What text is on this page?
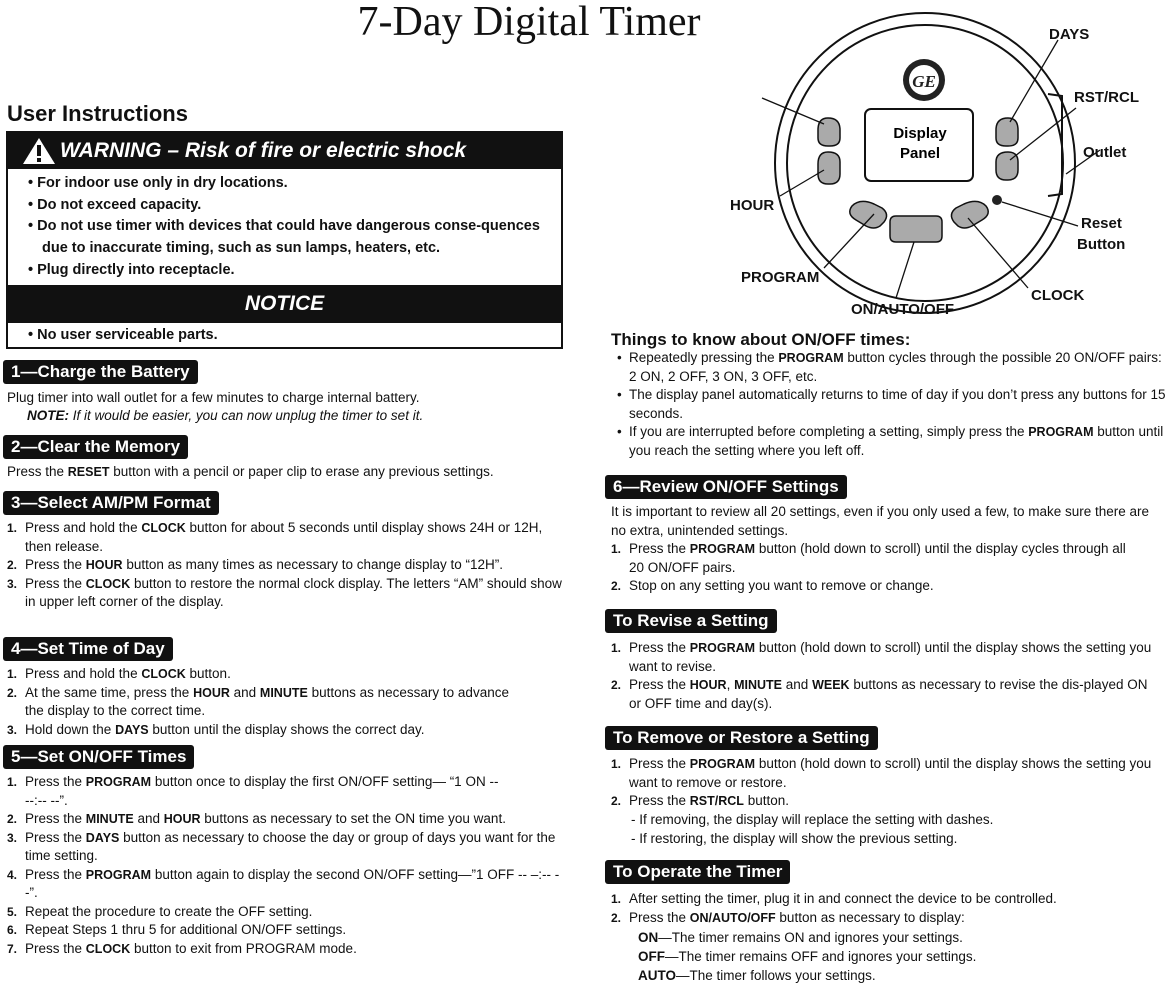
7-Day Digital Timer
User Instructions
WARNING – Risk of fire or electric shock
• For indoor use only in dry locations.
• Do not exceed capacity.
• Do not use timer with devices that could have dangerous conse-quences due to inaccurate timing, such as sun lamps, heaters, etc.
• Plug directly into receptacle.
NOTICE
• No user serviceable parts.
1—Charge the Battery
Plug timer into wall outlet for a few minutes to charge internal battery.
NOTE: If it would be easier, you can now unplug the timer to set it.
2—Clear the Memory
Press the RESET button with a pencil or paper clip to erase any previous settings.
3—Select AM/PM Format
1. Press and hold the CLOCK button for about 5 seconds until display shows 24H or 12H, then release.
2. Press the HOUR button as many times as necessary to change display to “12H”.
3. Press the CLOCK button to restore the normal clock display. The letters “AM” should show in upper left corner of the display.
4—Set Time of Day
1. Press and hold the CLOCK button.
2. At the same time, press the HOUR and MINUTE buttons as necessary to advance the display to the correct time.
3. Hold down the DAYS button until the display shows the correct day.
5—Set ON/OFF Times
1. Press the PROGRAM button once to display the first ON/OFF setting— “1 ON -- --:-- --”.
2. Press the MINUTE and HOUR buttons as necessary to set the ON time you want.
3. Press the DAYS button as necessary to choose the day or group of days you want for the time setting.
4. Press the PROGRAM button again to display the second ON/OFF setting—”1 OFF -- –:-- --”.
5. Repeat the procedure to create the OFF setting.
6. Repeat Steps 1 thru 5 for additional ON/OFF settings.
7. Press the CLOCK button to exit from PROGRAM mode.
GE
Display
Panel
DAYS
RST/RCL
Outlet
Reset
Button
HOUR
PROGRAM
ON/AUTO/OFF
CLOCK
Things to know about ON/OFF times:
• Repeatedly pressing the PROGRAM button cycles through the possible 20 ON/OFF pairs: 2 ON, 2 OFF, 3 ON, 3 OFF, etc.
• The display panel automatically returns to time of day if you don’t press any buttons for 15 seconds.
• If you are interrupted before completing a setting, simply press the PROGRAM button until you reach the setting where you left off.
6—Review ON/OFF Settings
It is important to review all 20 settings, even if you only used a few, to make sure there are no extra, unintended settings.
1. Press the PROGRAM button (hold down to scroll) until the display cycles through all 20 ON/OFF pairs.
2. Stop on any setting you want to remove or change.
To Revise a Setting
1. Press the PROGRAM button (hold down to scroll) until the display shows the setting you want to revise.
2. Press the HOUR, MINUTE and WEEK buttons as necessary to revise the dis-played ON or OFF time and day(s).
To Remove or Restore a Setting
1. Press the PROGRAM button (hold down to scroll) until the display shows the setting you want to remove or restore.
2. Press the RST/RCL button.
- If removing, the display will replace the setting with dashes.
- If restoring, the display will show the previous setting.
To Operate the Timer
1. After setting the timer, plug it in and connect the device to be controlled.
2. Press the ON/AUTO/OFF button as necessary to display:
ON—The timer remains ON and ignores your settings.
OFF—The timer remains OFF and ignores your settings.
AUTO—The timer follows your settings.
